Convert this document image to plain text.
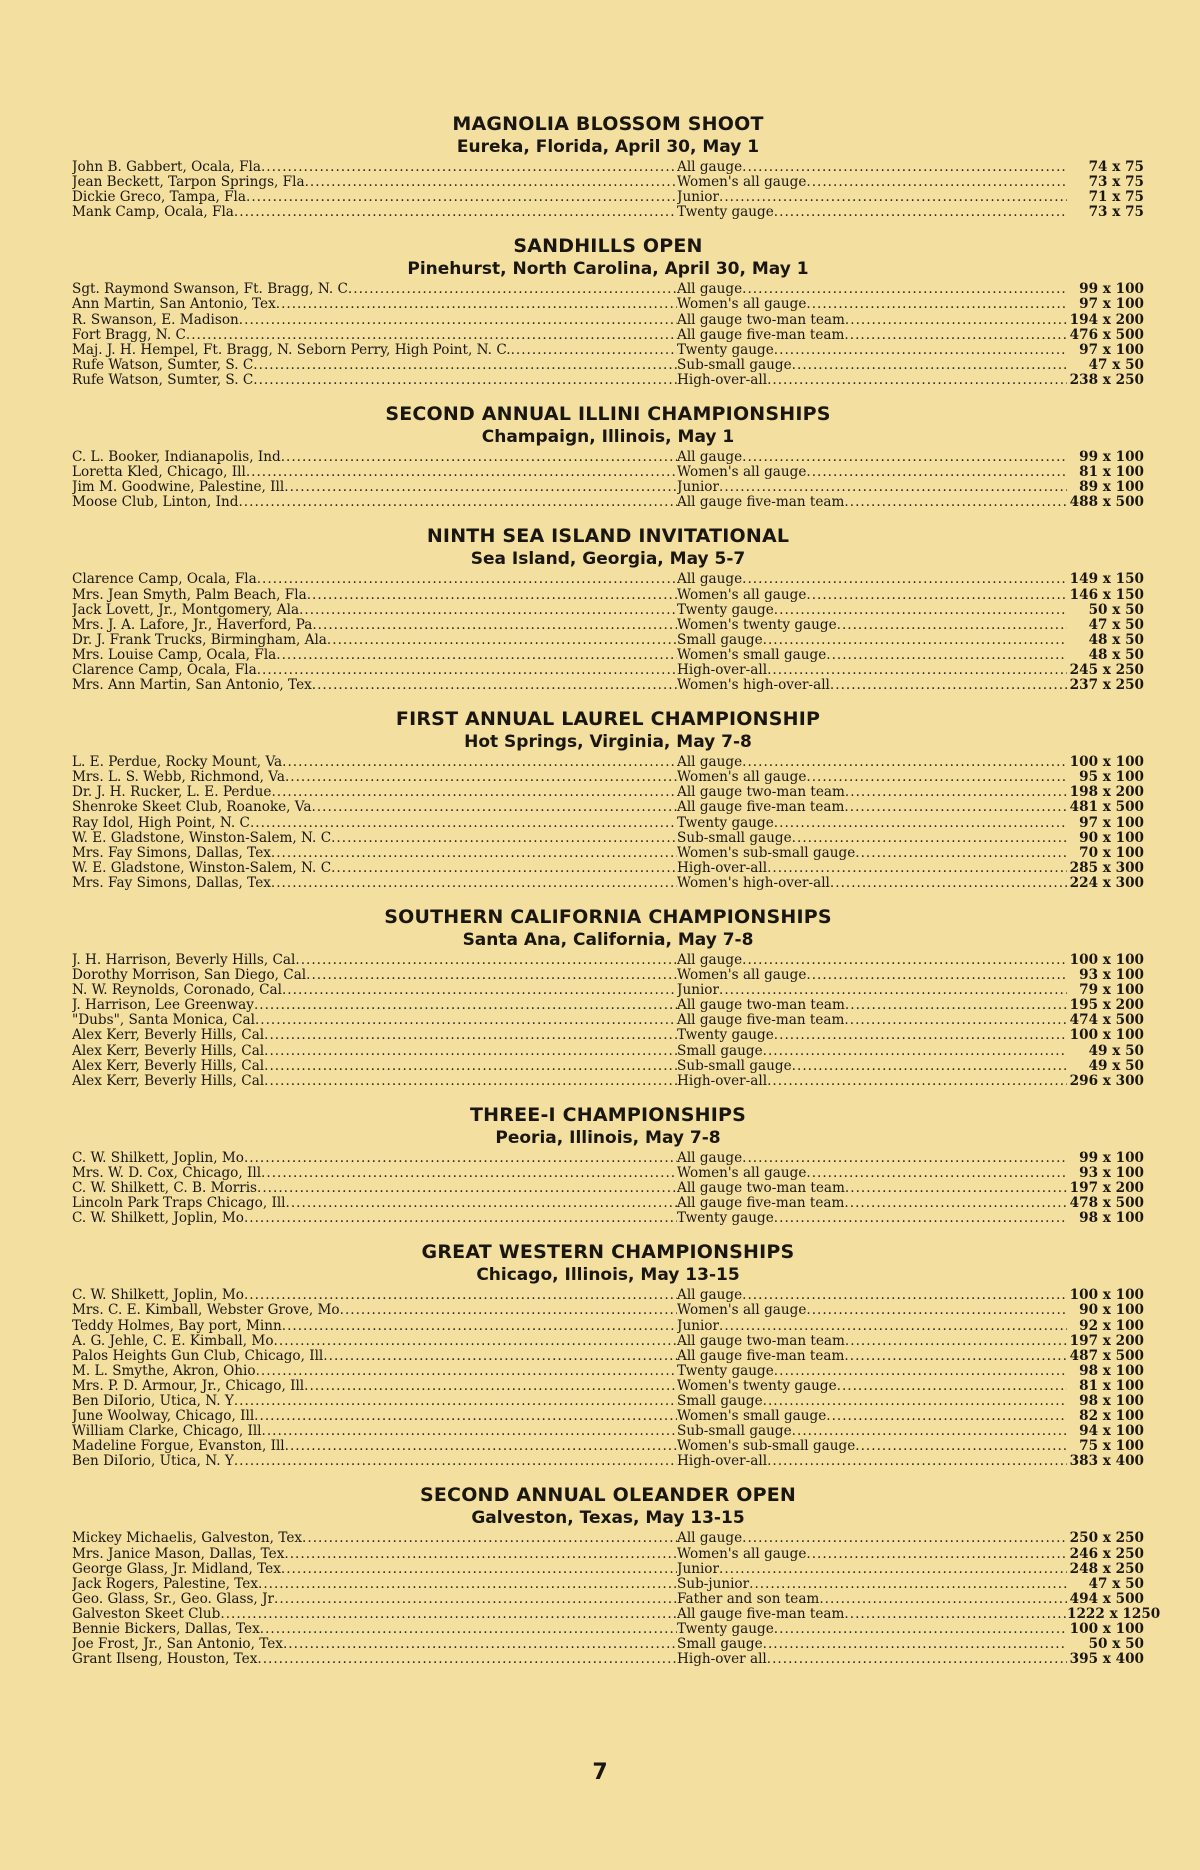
MAGNOLIA BLOSSOM SHOOT
Eureka, Florida, April 30, May 1
John B. Gabbert, Ocala, Fla .....	All gauge .....	74 x 75
Jean Beckett, Tarpon Springs, Fla .....	Women's all gauge .....	73 x 75
Dickie Greco, Tampa, Fla .....	Junior .....	71 x 75
Mank Camp, Ocala, Fla .....	Twenty gauge .....	73 x 75
SANDHILLS OPEN
Pinehurst, North Carolina, April 30, May 1
Sgt. Raymond Swanson, Ft. Bragg, N. C .....	All gauge .....	99 x 100
Ann Martin, San Antonio, Tex .....	Women's all gauge .....	97 x 100
R. Swanson, E. Madison .....	All gauge two-man team .....	194 x 200
Fort Bragg, N. C .....	All gauge five-man team .....	476 x 500
Maj. J. H. Hempel, Ft. Bragg, N. Seborn Perry, High Point, N. C. .....	Twenty gauge .....	97 x 100
Rufe Watson, Sumter, S. C .....	Sub-small gauge .....	47 x 50
Rufe Watson, Sumter, S. C .....	High-over-all .....	238 x 250
SECOND ANNUAL ILLINI CHAMPIONSHIPS
Champaign, Illinois, May 1
C. L. Booker, Indianapolis, Ind .....	All gauge .....	99 x 100
Loretta Kled, Chicago, Ill .....	Women's all gauge .....	81 x 100
Jim M. Goodwine, Palestine, Ill .....	Junior .....	89 x 100
Moose Club, Linton, Ind .....	All gauge five-man team .....	488 x 500
NINTH SEA ISLAND INVITATIONAL
Sea Island, Georgia, May 5-7
Clarence Camp, Ocala, Fla .....	All gauge .....	149 x 150
Mrs. Jean Smyth, Palm Beach, Fla .....	Women's all gauge .....	146 x 150
Jack Lovett, Jr., Montgomery, Ala .....	Twenty gauge .....	50 x 50
Mrs. J. A. Lafore, Jr., Haverford, Pa .....	Women's twenty gauge .....	47 x 50
Dr. J. Frank Trucks, Birmingham, Ala .....	Small gauge .....	48 x 50
Mrs. Louise Camp, Ocala, Fla .....	Women's small gauge .....	48 x 50
Clarence Camp, Ocala, Fla .....	High-over-all .....	245 x 250
Mrs. Ann Martin, San Antonio, Tex .....	Women's high-over-all .....	237 x 250
FIRST ANNUAL LAUREL CHAMPIONSHIP
Hot Springs, Virginia, May 7-8
L. E. Perdue, Rocky Mount, Va .....	All gauge .....	100 x 100
Mrs. L. S. Webb, Richmond, Va .....	Women's all gauge .....	95 x 100
Dr. J. H. Rucker, L. E. Perdue .....	All gauge two-man team .....	198 x 200
Shenroke Skeet Club, Roanoke, Va .....	All gauge five-man team .....	481 x 500
Ray Idol, High Point, N. C .....	Twenty gauge .....	97 x 100
W. E. Gladstone, Winston-Salem, N. C .....	Sub-small gauge .....	90 x 100
Mrs. Fay Simons, Dallas, Tex .....	Women's sub-small gauge .....	70 x 100
W. E. Gladstone, Winston-Salem, N. C .....	High-over-all .....	285 x 300
Mrs. Fay Simons, Dallas, Tex .....	Women's high-over-all .....	224 x 300
SOUTHERN CALIFORNIA CHAMPIONSHIPS
Santa Ana, California, May 7-8
J. H. Harrison, Beverly Hills, Cal .....	All gauge .....	100 x 100
Dorothy Morrison, San Diego, Cal .....	Women's all gauge .....	93 x 100
N. W. Reynolds, Coronado, Cal .....	Junior .....	79 x 100
J. Harrison, Lee Greenway .....	All gauge two-man team .....	195 x 200
"Dubs", Santa Monica, Cal .....	All gauge five-man team .....	474 x 500
Alex Kerr, Beverly Hills, Cal .....	Twenty gauge .....	100 x 100
Alex Kerr, Beverly Hills, Cal .....	Small gauge .....	49 x 50
Alex Kerr, Beverly Hills, Cal .....	Sub-small gauge .....	49 x 50
Alex Kerr, Beverly Hills, Cal .....	High-over-all .....	296 x 300
THREE-I CHAMPIONSHIPS
Peoria, Illinois, May 7-8
C. W. Shilkett, Joplin, Mo .....	All gauge .....	99 x 100
Mrs. W. D. Cox, Chicago, Ill .....	Women's all gauge .....	93 x 100
C. W. Shilkett, C. B. Morris .....	All gauge two-man team .....	197 x 200
Lincoln Park Traps Chicago, Ill .....	All gauge five-man team .....	478 x 500
C. W. Shilkett, Joplin, Mo .....	Twenty gauge .....	98 x 100
GREAT WESTERN CHAMPIONSHIPS
Chicago, Illinois, May 13-15
C. W. Shilkett, Joplin, Mo .....	All gauge .....	100 x 100
Mrs. C. E. Kimball, Webster Grove, Mo .....	Women's all gauge .....	90 x 100
Teddy Holmes, Bay port, Minn .....	Junior .....	92 x 100
A. G. Jehle, C. E. Kimball, Mo .....	All gauge two-man team .....	197 x 200
Palos Heights Gun Club, Chicago, Ill .....	All gauge five-man team .....	487 x 500
M. L. Smythe, Akron, Ohio .....	Twenty gauge .....	98 x 100
Mrs. P. D. Armour, Jr., Chicago, Ill .....	Women's twenty gauge .....	81 x 100
Ben DiIorio, Utica, N. Y .....	Small gauge .....	98 x 100
June Woolway, Chicago, Ill .....	Women's small gauge .....	82 x 100
William Clarke, Chicago, Ill .....	Sub-small gauge .....	94 x 100
Madeline Forgue, Evanston, Ill .....	Women's sub-small gauge .....	75 x 100
Ben DiIorio, Utica, N. Y .....	High-over-all .....	383 x 400
SECOND ANNUAL OLEANDER OPEN
Galveston, Texas, May 13-15
Mickey Michaelis, Galveston, Tex .....	All gauge .....	250 x 250
Mrs. Janice Mason, Dallas, Tex .....	Women's all gauge .....	246 x 250
George Glass, Jr. Midland, Tex .....	Junior .....	248 x 250
Jack Rogers, Palestine, Tex .....	Sub-junior .....	47 x 50
Geo. Glass, Sr., Geo. Glass, Jr .....	Father and son team .....	494 x 500
Galveston Skeet Club .....	All gauge five-man team .....	1222 x 1250
Bennie Bickers, Dallas, Tex .....	Twenty gauge .....	100 x 100
Joe Frost, Jr., San Antonio, Tex .....	Small gauge .....	50 x 50
Grant Ilseng, Houston, Tex .....	High-over all .....	395 x 400
7
